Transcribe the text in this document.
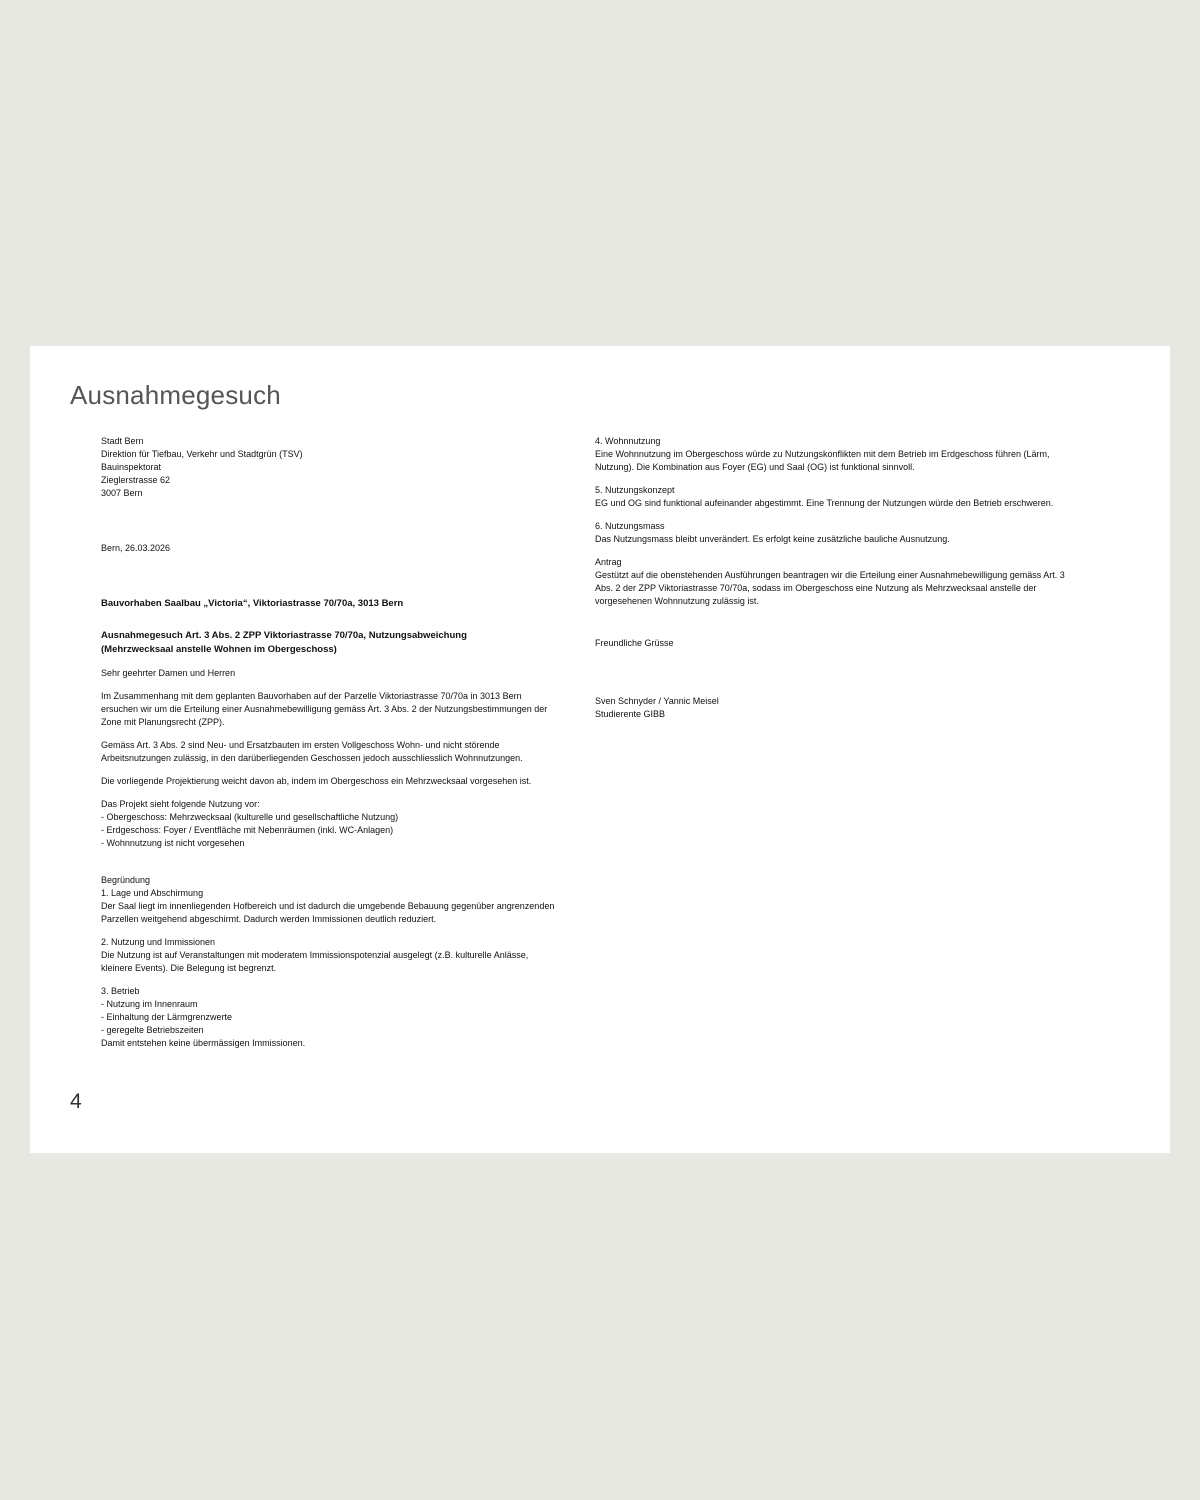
Ausnahmegesuch
Stadt Bern
Direktion für Tiefbau, Verkehr und Stadtgrün (TSV)
Bauinspektorat
Zieglerstrasse 62
3007 Bern
Bern, 26.03.2026
Bauvorhaben Saalbau „Victoria“, Viktoriastrasse 70/70a, 3013 Bern
Ausnahmegesuch Art. 3 Abs. 2 ZPP Viktoriastrasse 70/70a, Nutzungsabweichung
(Mehrzwecksaal anstelle Wohnen im Obergeschoss)
Sehr geehrter Damen und Herren
Im Zusammenhang mit dem geplanten Bauvorhaben auf der Parzelle Viktoriastrasse 70/70a in 3013 Bern ersuchen wir um die Erteilung einer Ausnahmebewilligung gemäss Art. 3 Abs. 2 der Nutzungsbestimmungen der Zone mit Planungsrecht (ZPP).
Gemäss Art. 3 Abs. 2 sind Neu- und Ersatzbauten im ersten Vollgeschoss Wohn- und nicht störende Arbeitsnutzungen zulässig, in den darüberliegenden Geschossen jedoch ausschliesslich Wohnnutzungen.
Die vorliegende Projektierung weicht davon ab, indem im Obergeschoss ein Mehrzwecksaal vorgesehen ist.
Das Projekt sieht folgende Nutzung vor:
- Obergeschoss: Mehrzwecksaal (kulturelle und gesellschaftliche Nutzung)
- Erdgeschoss: Foyer / Eventfläche mit Nebenräumen (inkl. WC-Anlagen)
- Wohnnutzung ist nicht vorgesehen
Begründung
1. Lage und Abschirmung
Der Saal liegt im innenliegenden Hofbereich und ist dadurch die umgebende Bebauung gegenüber angrenzenden Parzellen weitgehend abgeschirmt. Dadurch werden Immissionen deutlich reduziert.
2. Nutzung und Immissionen
Die Nutzung ist auf Veranstaltungen mit moderatem Immissionspotenzial ausgelegt (z.B. kulturelle Anlässe, kleinere Events). Die Belegung ist begrenzt.
3. Betrieb
- Nutzung im Innenraum
- Einhaltung der Lärmgrenzwerte
- geregelte Betriebszeiten
Damit entstehen keine übermässigen Immissionen.
4. Wohnnutzung
Eine Wohnnutzung im Obergeschoss würde zu Nutzungskonflikten mit dem Betrieb im Erdgeschoss führen (Lärm, Nutzung). Die Kombination aus Foyer (EG) und Saal (OG) ist funktional sinnvoll.
5. Nutzungskonzept
EG und OG sind funktional aufeinander abgestimmt. Eine Trennung der Nutzungen würde den Betrieb erschweren.
6. Nutzungsmass
Das Nutzungsmass bleibt unverändert. Es erfolgt keine zusätzliche bauliche Ausnutzung.
Antrag
Gestützt auf die obenstehenden Ausführungen beantragen wir die Erteilung einer Ausnahmebewilligung gemäss Art. 3 Abs. 2 der ZPP Viktoriastrasse 70/70a, sodass im Obergeschoss eine Nutzung als Mehrzwecksaal anstelle der vorgesehenen Wohnnutzung zulässig ist.
Freundliche Grüsse
Sven Schnyder / Yannic Meisel
Studierente GIBB
4
